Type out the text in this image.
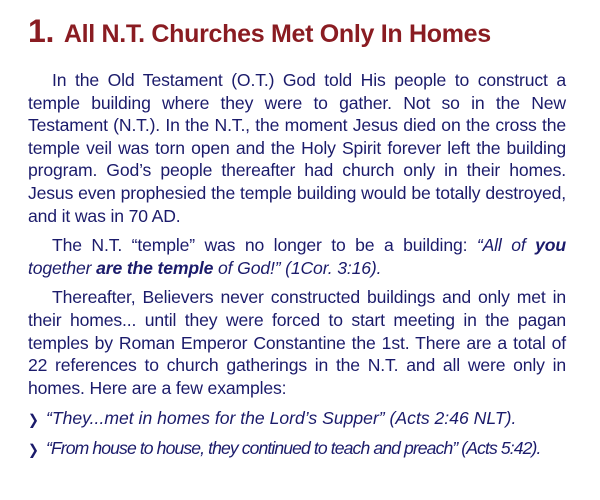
1. All N.T. Churches Met Only In Homes

In the Old Testament (O.T.) God told His people to construct a temple building where they were to gather. Not so in the New Testament (N.T.). In the N.T., the moment Jesus died on the cross the temple veil was torn open and the Holy Spirit forever left the building program. God’s people thereafter had church only in their homes. Jesus even prophesied the temple building would be totally destroyed, and it was in 70 AD.

The N.T. “temple” was no longer to be a building: “All of you together are the temple of God!” (1Cor. 3:16).

Thereafter, Believers never constructed buildings and only met in their homes... until they were forced to start meeting in the pagan temples by Roman Emperor Constantine the 1st. There are a total of 22 references to church gatherings in the N.T. and all were only in homes. Here are a few examples:

❯ “They...met in homes for the Lord’s Supper” (Acts 2:46 NLT).
❯ “From house to house, they continued to teach and preach” (Acts 5:42).
